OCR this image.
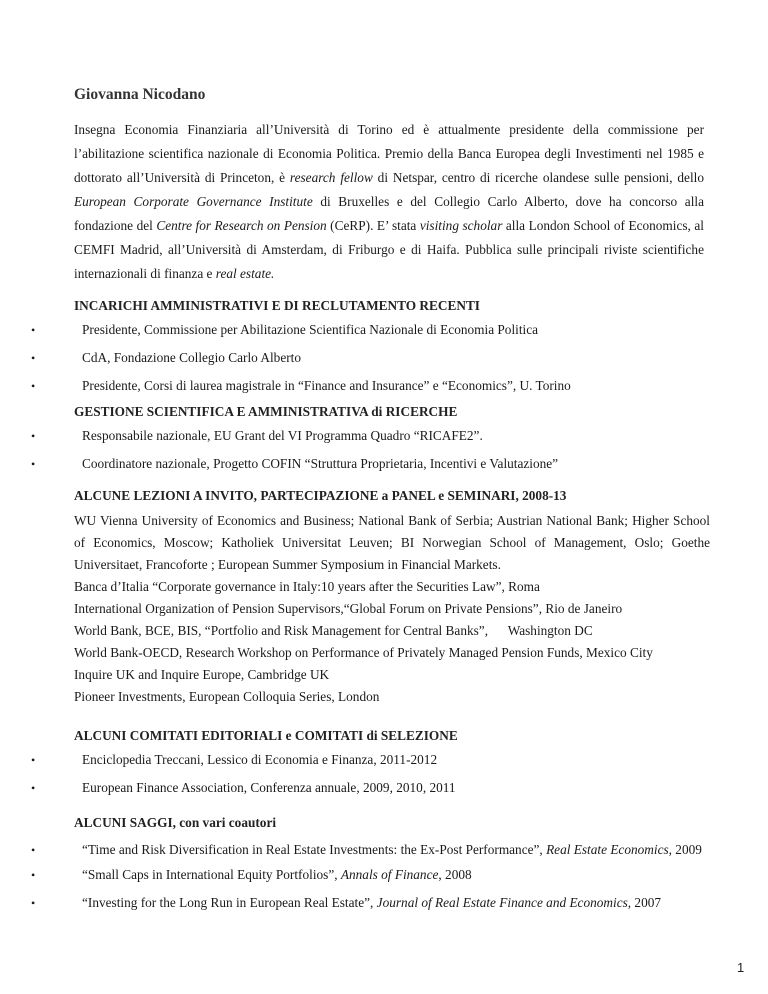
Giovanna Nicodano
Insegna Economia Finanziaria all’Università di Torino ed è attualmente presidente della commissione per l’abilitazione scientifica nazionale di Economia Politica. Premio della Banca Europea degli Investimenti nel 1985 e dottorato all’Università di Princeton, è research fellow di Netspar, centro di ricerche olandese sulle pensioni, dello European Corporate Governance Institute di Bruxelles e del Collegio Carlo Alberto, dove ha concorso alla fondazione del Centre for Research on Pension (CeRP). E’ stata visiting scholar alla London School of Economics, al CEMFI Madrid, all’Università di Amsterdam, di Friburgo e di Haifa. Pubblica sulle principali riviste scientifiche internazionali di finanza e real estate.
INCARICHI AMMINISTRATIVI E DI RECLUTAMENTO RECENTI
•	Presidente, Commissione per Abilitazione Scientifica Nazionale di Economia Politica
•	CdA, Fondazione Collegio Carlo Alberto
•	Presidente, Corsi di laurea magistrale in “Finance and Insurance” e “Economics”, U. Torino
GESTIONE SCIENTIFICA E AMMINISTRATIVA di RICERCHE
•	Responsabile nazionale, EU Grant del VI Programma Quadro “RICAFE2”.
•	Coordinatore nazionale, Progetto COFIN “Struttura Proprietaria, Incentivi e Valutazione”
ALCUNE LEZIONI A INVITO, PARTECIPAZIONE a PANEL e SEMINARI, 2008-13

WU Vienna University of Economics and Business; National Bank of Serbia; Austrian National Bank; Higher School of Economics, Moscow; Katholiek Universitat Leuven; BI Norwegian School of Management, Oslo; Goethe Universitaet, Francoforte ; European Summer Symposium in Financial Markets.

Banca d’Italia “Corporate governance in Italy:10 years after the Securities Law”, Roma

International Organization of Pension Supervisors,“Global Forum on Private Pensions”, Rio de Janeiro

World Bank, BCE, BIS, “Portfolio and Risk Management for Central Banks”,      Washington DC

World Bank-OECD, Research Workshop on Performance of Privately Managed Pension Funds, Mexico City

Inquire UK and Inquire Europe, Cambridge UK

Pioneer Investments, European Colloquia Series, London

ALCUNI COMITATI EDITORIALI e COMITATI di SELEZIONE
•	Enciclopedia Treccani, Lessico di Economia e Finanza, 2011-2012
•	European Finance Association, Conferenza annuale, 2009, 2010, 2011
ALCUNI SAGGI, con vari coautori
•	“Time and Risk Diversification in Real Estate Investments: the Ex-Post Performance”, Real Estate Economics, 2009
•	“Small Caps in International Equity Portfolios”, Annals of Finance, 2008
•	“Investing for the Long Run in European Real Estate”, Journal of Real Estate Finance and Economics, 2007
1
